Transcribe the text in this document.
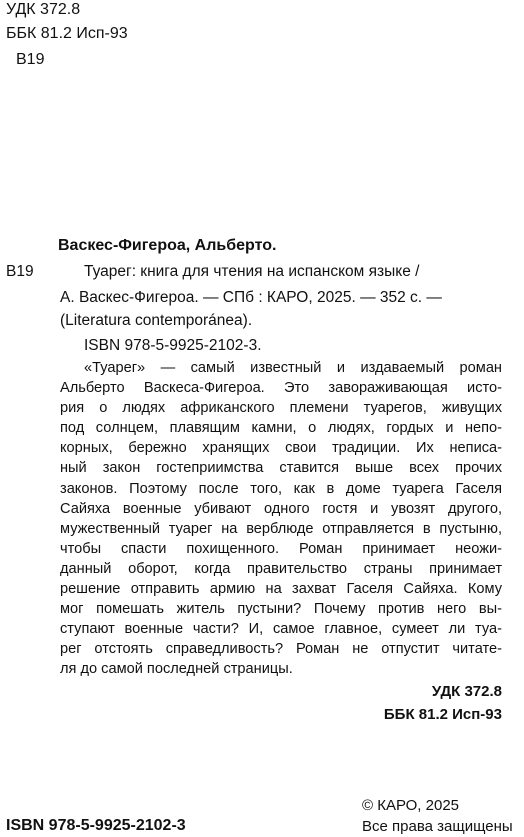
УДК 372.8
ББК 81.2 Исп-93
В19
Васкес-Фигероа, Альберто.
В19	Туарег: книга для чтения на испанском языке /
А. Васкес-Фигероа. — СПб : КАРО, 2025. — 352 с. —
(Literatura contemporánea).
ISBN 978-5-9925-2102-3.
«Туарег» — самый известный и издаваемый роман
Альберто Васкеса-Фигероа. Это завораживающая исто-
рия о людях африканского племени туарегов, живущих
под солнцем, плавящим камни, о людях, гордых и непо-
корных, бережно хранящих свои традиции. Их неписа-
ный закон гостеприимства ставится выше всех прочих
законов. Поэтому после того, как в доме туарега Гаселя
Сайяха военные убивают одного гостя и увозят другого,
мужественный туарег на верблюде отправляется в пустыню,
чтобы спасти похищенного. Роман принимает неожи-
данный оборот, когда правительство страны принимает
решение отправить армию на захват Гаселя Сайяха. Кому
мог помешать житель пустыни? Почему против него вы-
ступают военные части? И, самое главное, сумеет ли туа-
рег отстоять справедливость? Роман не отпустит читате-
ля до самой последней страницы.
УДК 372.8
ББК 81.2 Исп-93
ISBN 978-5-9925-2102-3
© КАРО, 2025
Все права защищены
